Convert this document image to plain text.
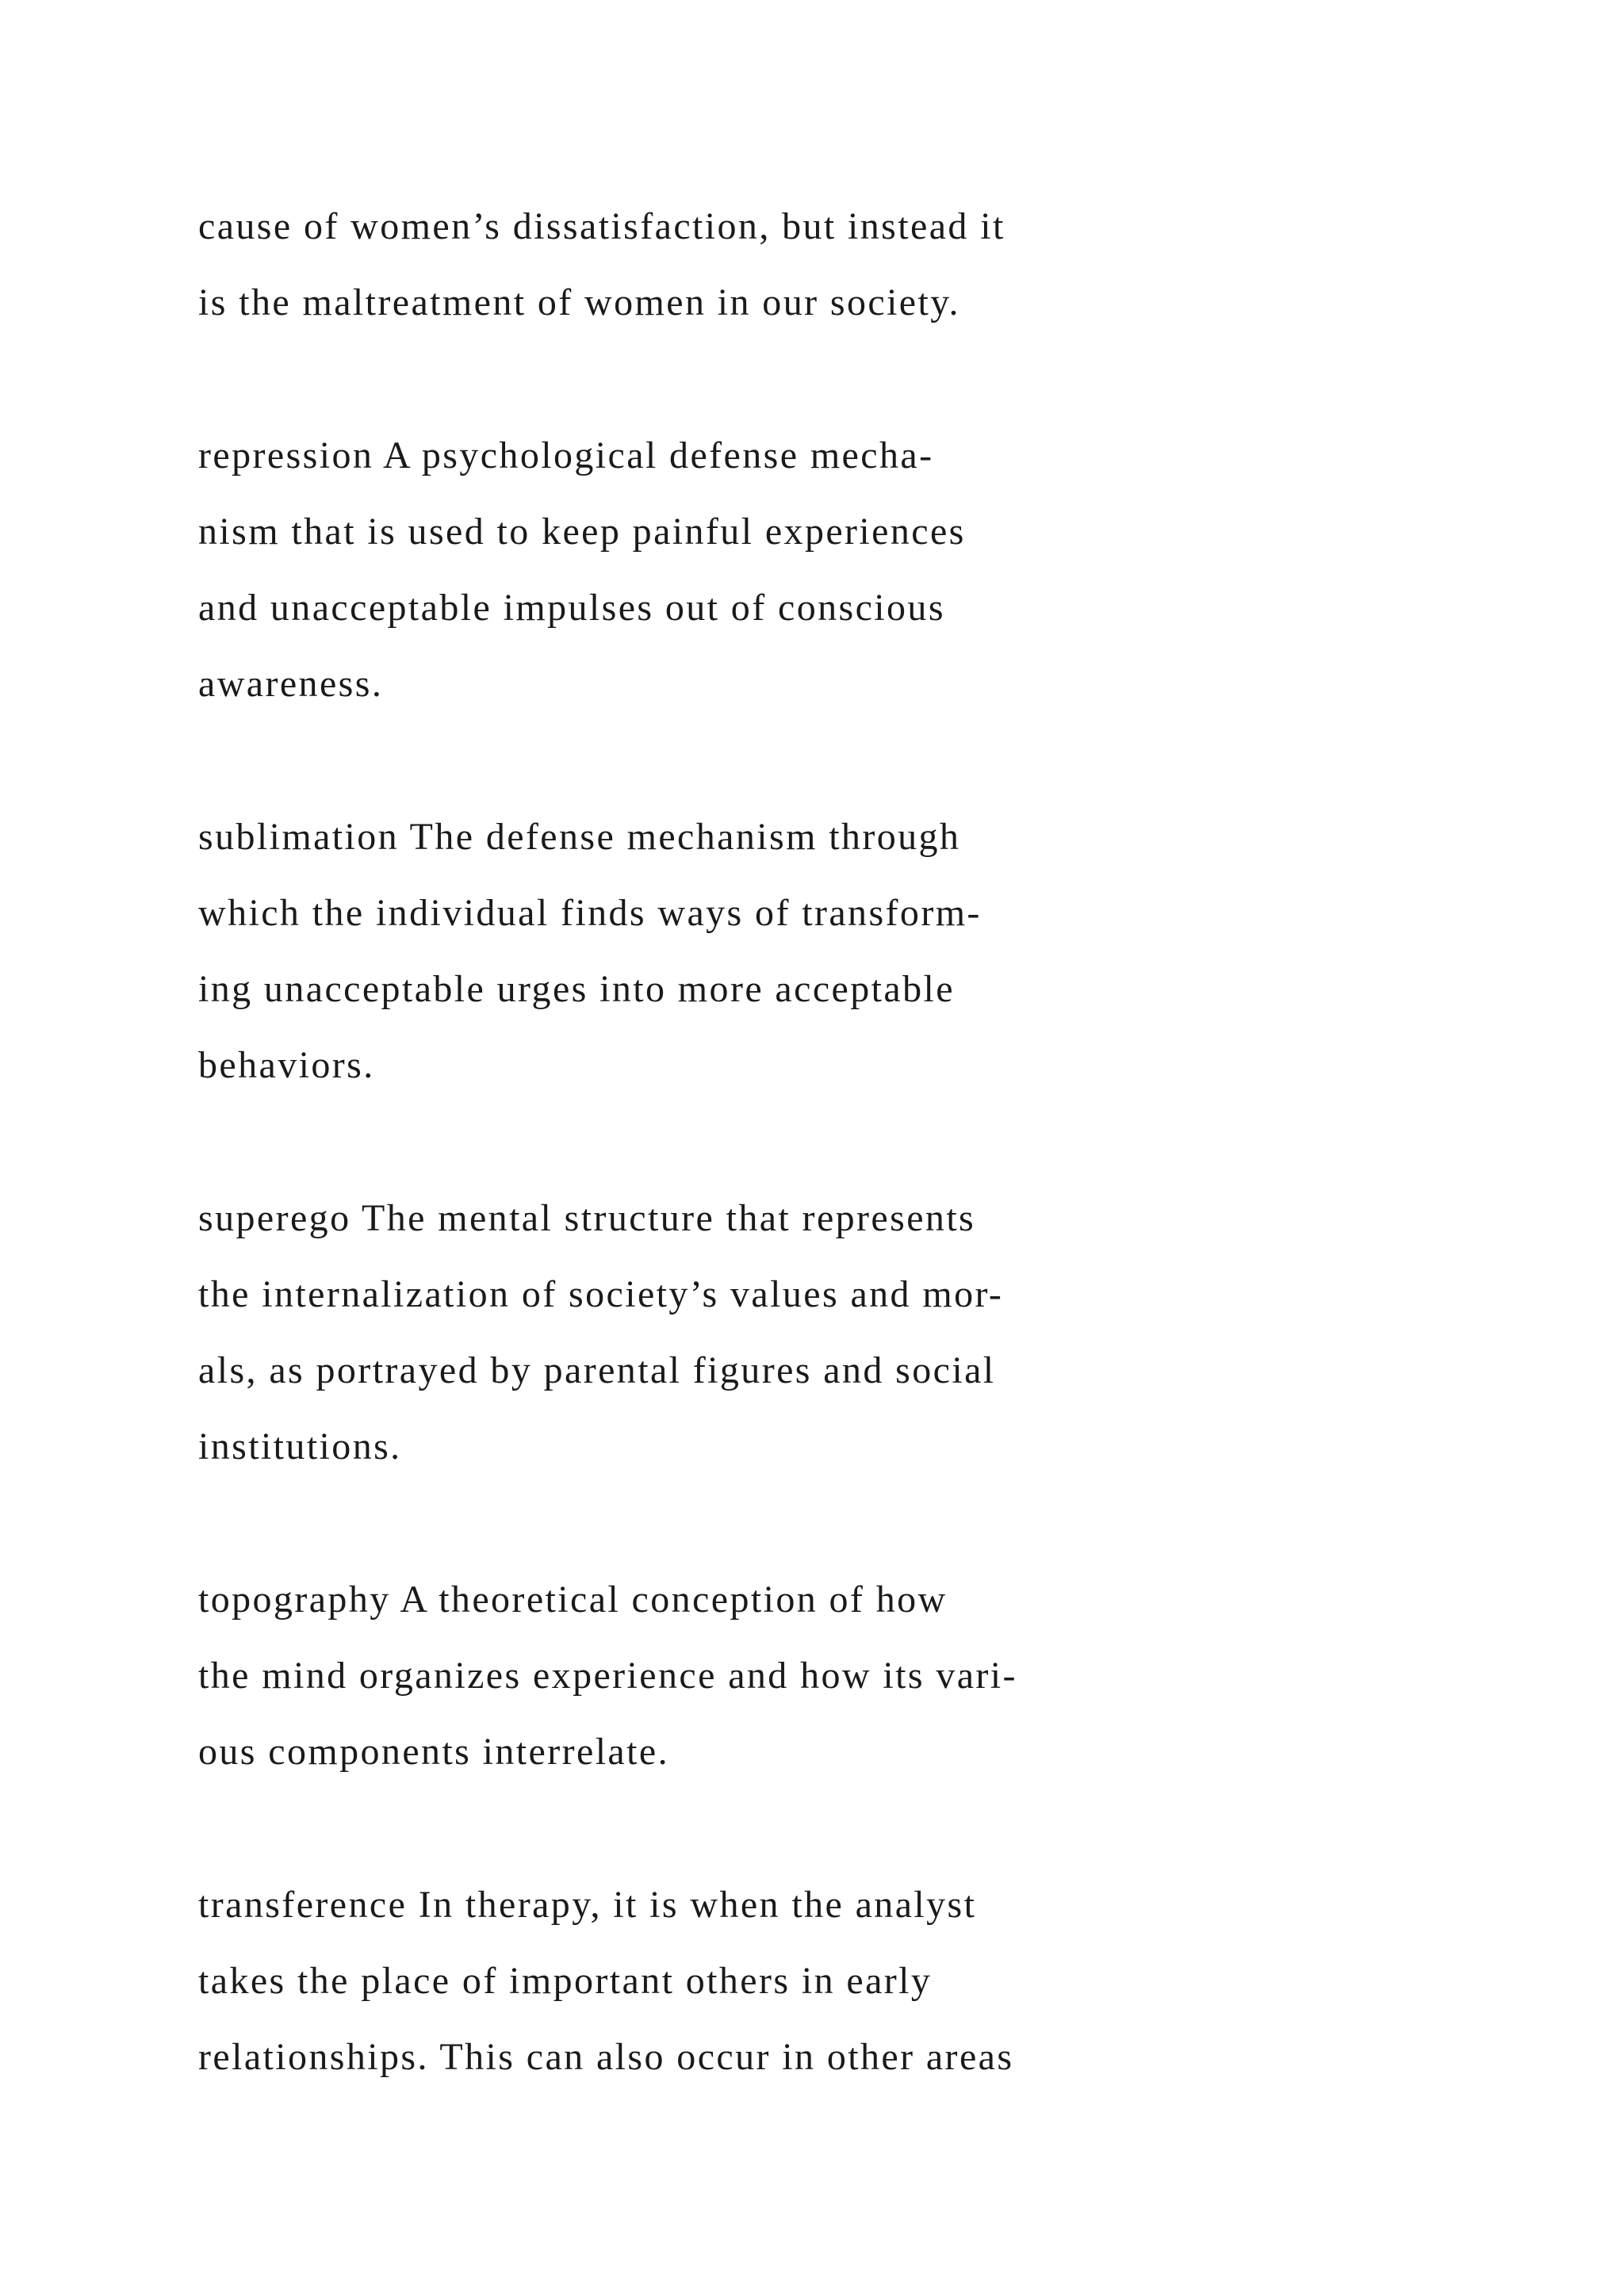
cause of women’s dissatisfaction, but instead it
is the maltreatment of women in our society.

repression A psychological defense mecha-
nism that is used to keep painful experiences
and unacceptable impulses out of conscious
awareness.

sublimation The defense mechanism through
which the individual finds ways of transform-
ing unacceptable urges into more acceptable
behaviors.

superego The mental structure that represents
the internalization of society’s values and mor-
als, as portrayed by parental figures and social
institutions.

topography A theoretical conception of how
the mind organizes experience and how its vari-
ous components interrelate.

transference In therapy, it is when the analyst
takes the place of important others in early
relationships. This can also occur in other areas
